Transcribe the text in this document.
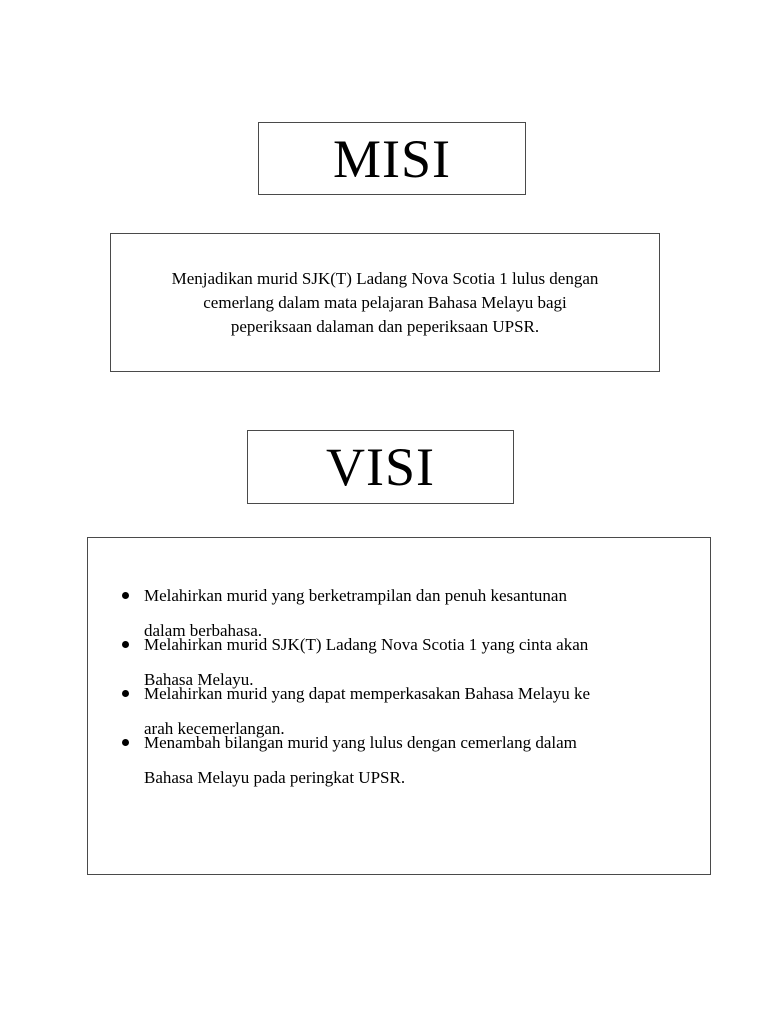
MISI
Menjadikan murid SJK(T) Ladang Nova Scotia 1 lulus dengan
cemerlang dalam mata pelajaran Bahasa Melayu bagi
peperiksaan dalaman dan peperiksaan UPSR.
VISI
Melahirkan murid yang berketrampilan dan penuh kesantunan
dalam berbahasa.
Melahirkan murid SJK(T) Ladang Nova Scotia 1 yang cinta akan
Bahasa Melayu.
Melahirkan murid yang dapat memperkasakan Bahasa Melayu ke
arah kecemerlangan.
Menambah bilangan murid yang lulus dengan cemerlang dalam
Bahasa Melayu pada peringkat UPSR.
